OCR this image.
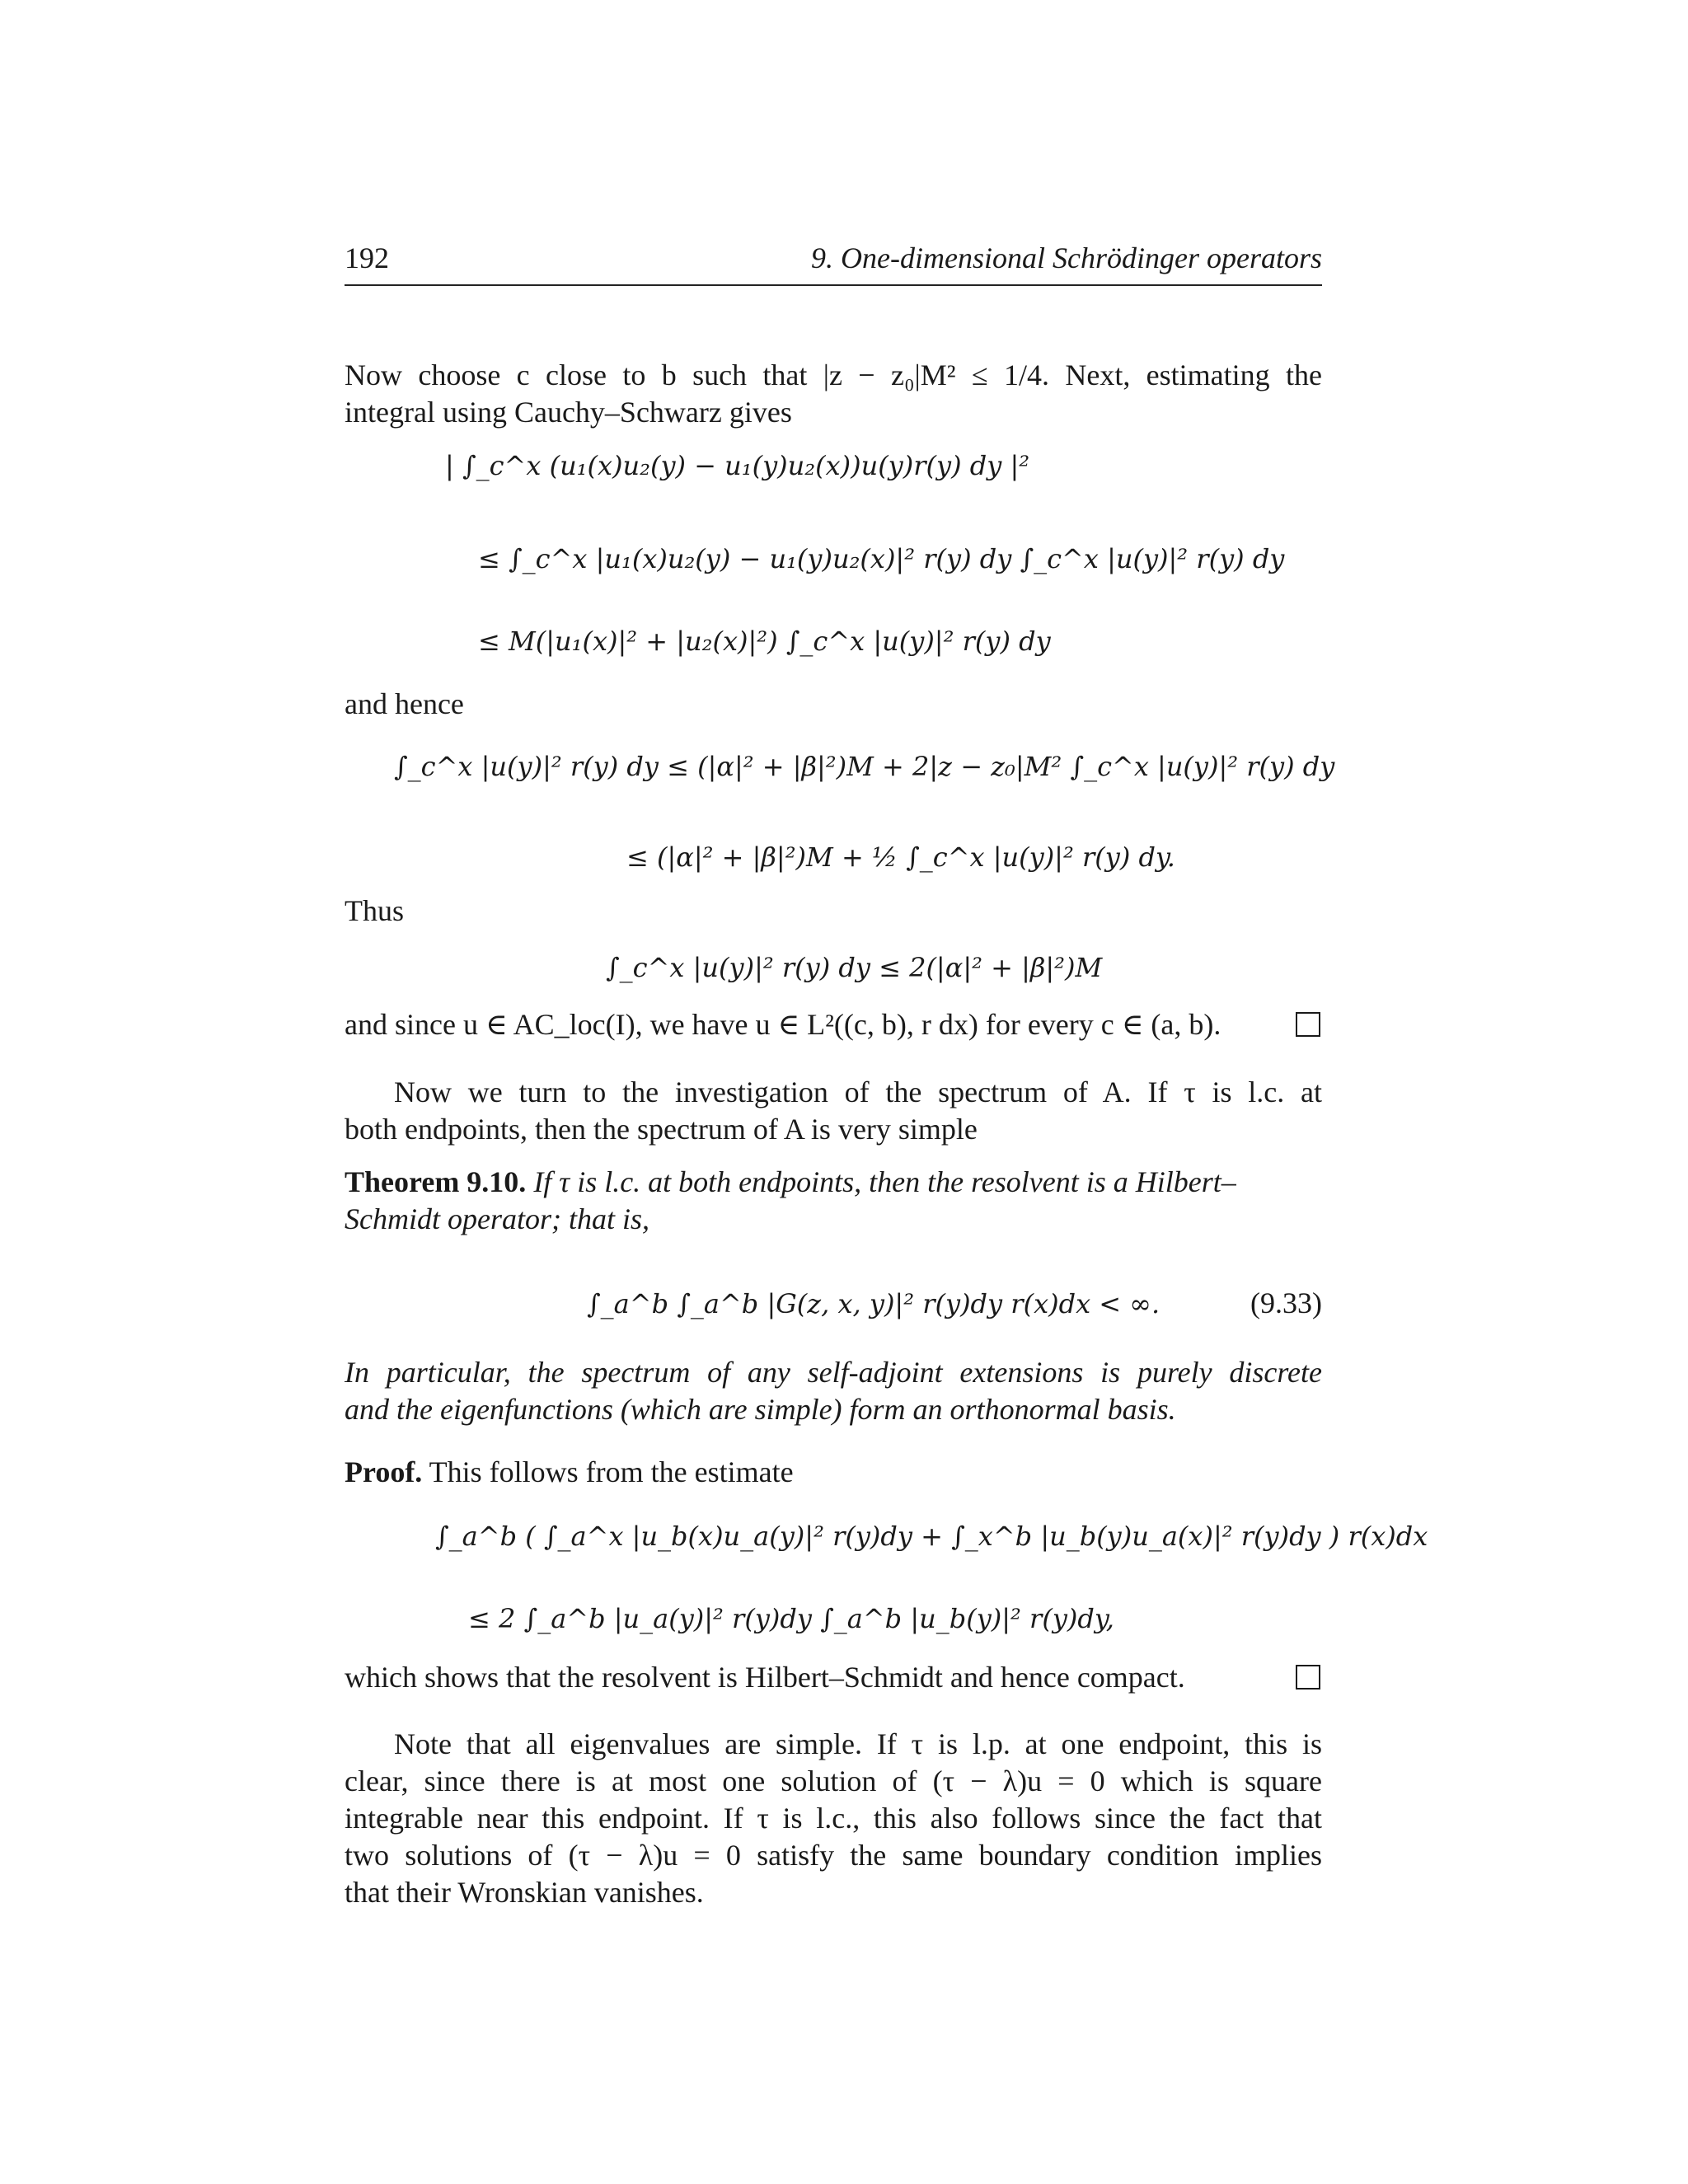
192	9. One-dimensional Schrödinger operators
Now choose c close to b such that |z − z₀|M² ≤ 1/4. Next, estimating the
integral using Cauchy–Schwarz gives
| ∫_c^x (u₁(x)u₂(y) − u₁(y)u₂(x))u(y)r(y) dy |²
≤ ∫_c^x |u₁(x)u₂(y) − u₁(y)u₂(x)|² r(y) dy ∫_c^x |u(y)|² r(y) dy
≤ M(|u₁(x)|² + |u₂(x)|²) ∫_c^x |u(y)|² r(y) dy
and hence
∫_c^x |u(y)|² r(y) dy ≤ (|α|² + |β|²)M + 2|z − z₀|M² ∫_c^x |u(y)|² r(y) dy
≤ (|α|² + |β|²)M + ½ ∫_c^x |u(y)|² r(y) dy.
Thus
∫_c^x |u(y)|² r(y) dy ≤ 2(|α|² + |β|²)M
and since u ∈ AC_loc(I), we have u ∈ L²((c, b), r dx) for every c ∈ (a, b).
Now we turn to the investigation of the spectrum of A. If τ is l.c. at
both endpoints, then the spectrum of A is very simple
Theorem 9.10. If τ is l.c. at both endpoints, then the resolvent is a Hilbert–
Schmidt operator; that is,
∫_a^b ∫_a^b |G(z, x, y)|² r(y)dy r(x)dx < ∞.	(9.33)
In particular, the spectrum of any self-adjoint extensions is purely discrete
and the eigenfunctions (which are simple) form an orthonormal basis.
Proof. This follows from the estimate
∫_a^b ( ∫_a^x |u_b(x)u_a(y)|² r(y)dy + ∫_x^b |u_b(y)u_a(x)|² r(y)dy ) r(x)dx
≤ 2 ∫_a^b |u_a(y)|² r(y)dy ∫_a^b |u_b(y)|² r(y)dy,
which shows that the resolvent is Hilbert–Schmidt and hence compact.
Note that all eigenvalues are simple. If τ is l.p. at one endpoint, this is
clear, since there is at most one solution of (τ − λ)u = 0 which is square
integrable near this endpoint. If τ is l.c., this also follows since the fact that
two solutions of (τ − λ)u = 0 satisfy the same boundary condition implies
that their Wronskian vanishes.
